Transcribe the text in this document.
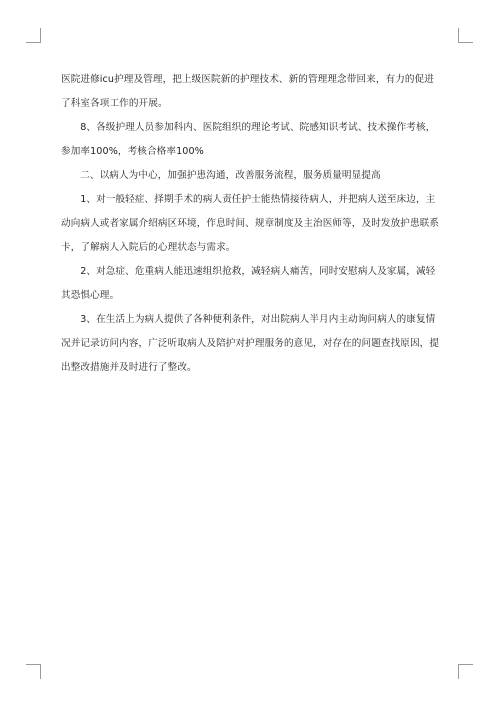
医院进修icu护理及管理，把上级医院新的护理技术、新的管理理念带回来，有力的促进了科室各项工作的开展。

8、各级护理人员参加科内、医院组织的理论考试、院感知识考试、技术操作考核，参加率100%，考核合格率100%

二、以病人为中心，加强护患沟通，改善服务流程，服务质量明显提高

1、对一般轻症、择期手术的病人责任护士能热情接待病人，并把病人送至床边，主动向病人或者家属介绍病区环境，作息时间、规章制度及主治医师等，及时发放护患联系卡，了解病人入院后的心理状态与需求。

2、对急症、危重病人能迅速组织抢救，减轻病人痛苦，同时安慰病人及家属，减轻其恐惧心理。

3、在生活上为病人提供了各种便利条件，对出院病人半月内主动询问病人的康复情况并记录访问内容，广泛听取病人及陪护对护理服务的意见，对存在的问题查找原因，提出整改措施并及时进行了整改。
